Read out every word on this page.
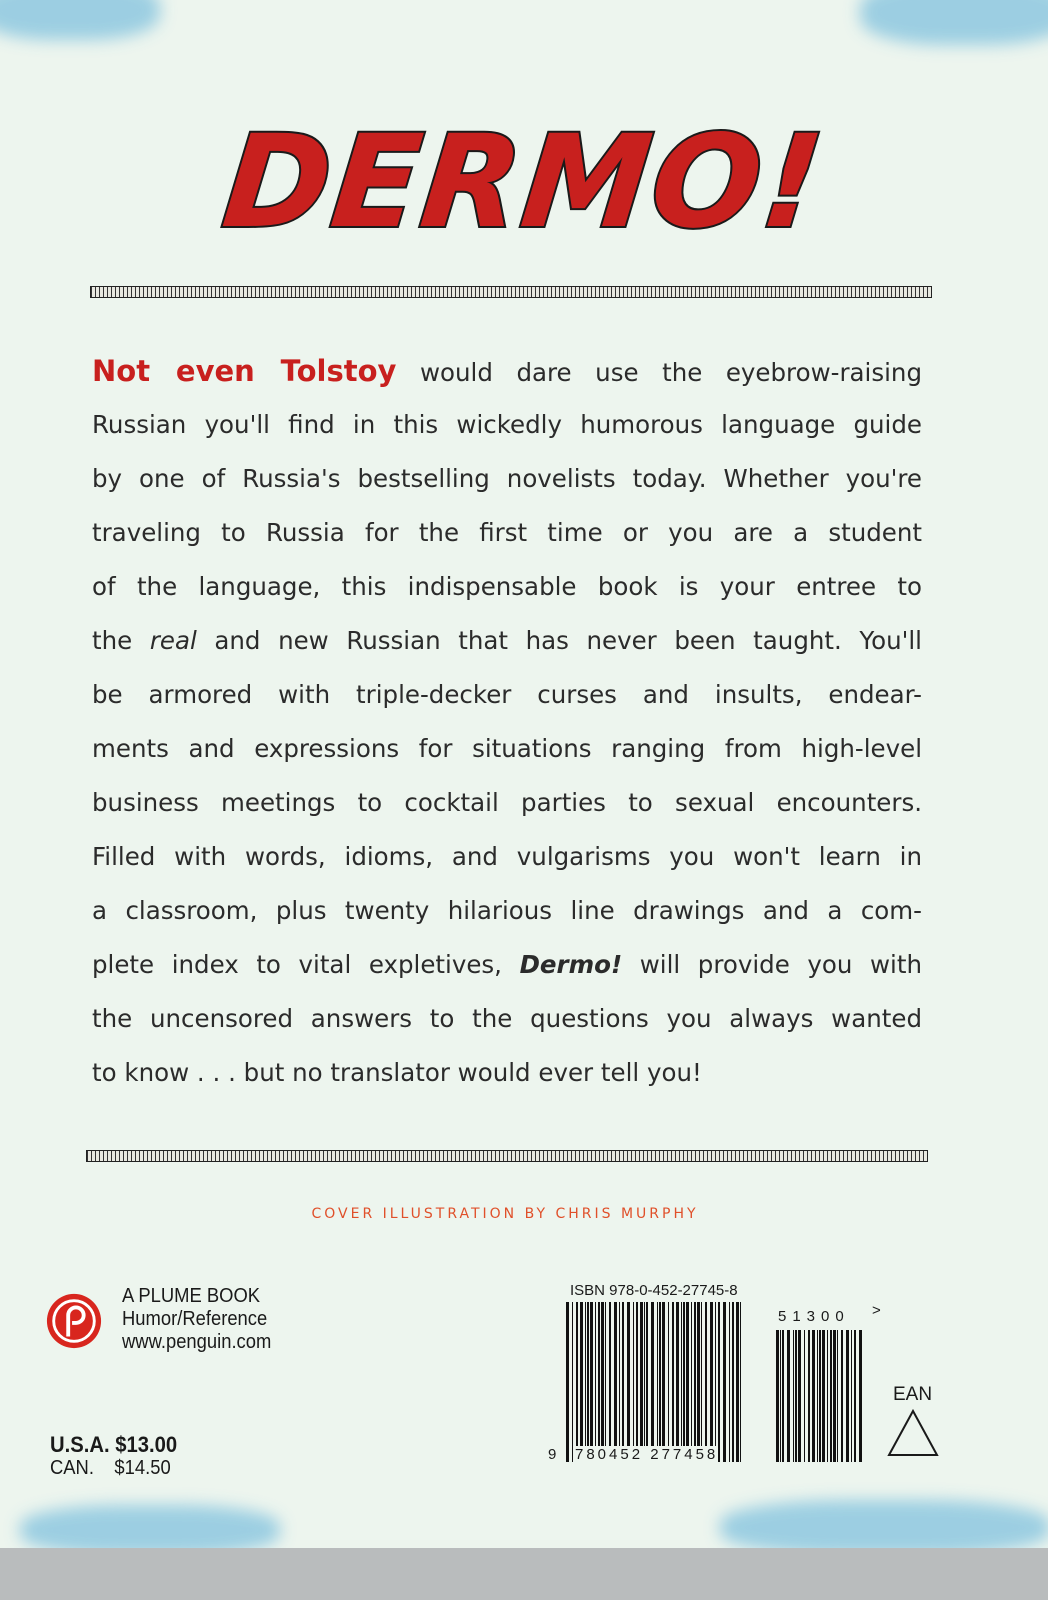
DERMO!
Not even Tolstoy would dare use the eyebrow-raising
Russian you'll find in this wickedly humorous language guide
by one of Russia's bestselling novelists today. Whether you're
traveling to Russia for the first time or you are a student
of the language, this indispensable book is your entree to
the real and new Russian that has never been taught. You'll
be armored with triple-decker curses and insults, endear-
ments and expressions for situations ranging from high-level
business meetings to cocktail parties to sexual encounters.
Filled with words, idioms, and vulgarisms you won't learn in
a classroom, plus twenty hilarious line drawings and a com-
plete index to vital expletives, Dermo! will provide you with
the uncensored answers to the questions you always wanted
to know . . . but no translator would ever tell you!
COVER ILLUSTRATION BY CHRIS MURPHY
A PLUME BOOK
Humor/Reference
www.penguin.com
U.S.A. $13.00
CAN. $14.50
ISBN 978-0-452-27745-8
9 780452 277458
51300 >
EAN
